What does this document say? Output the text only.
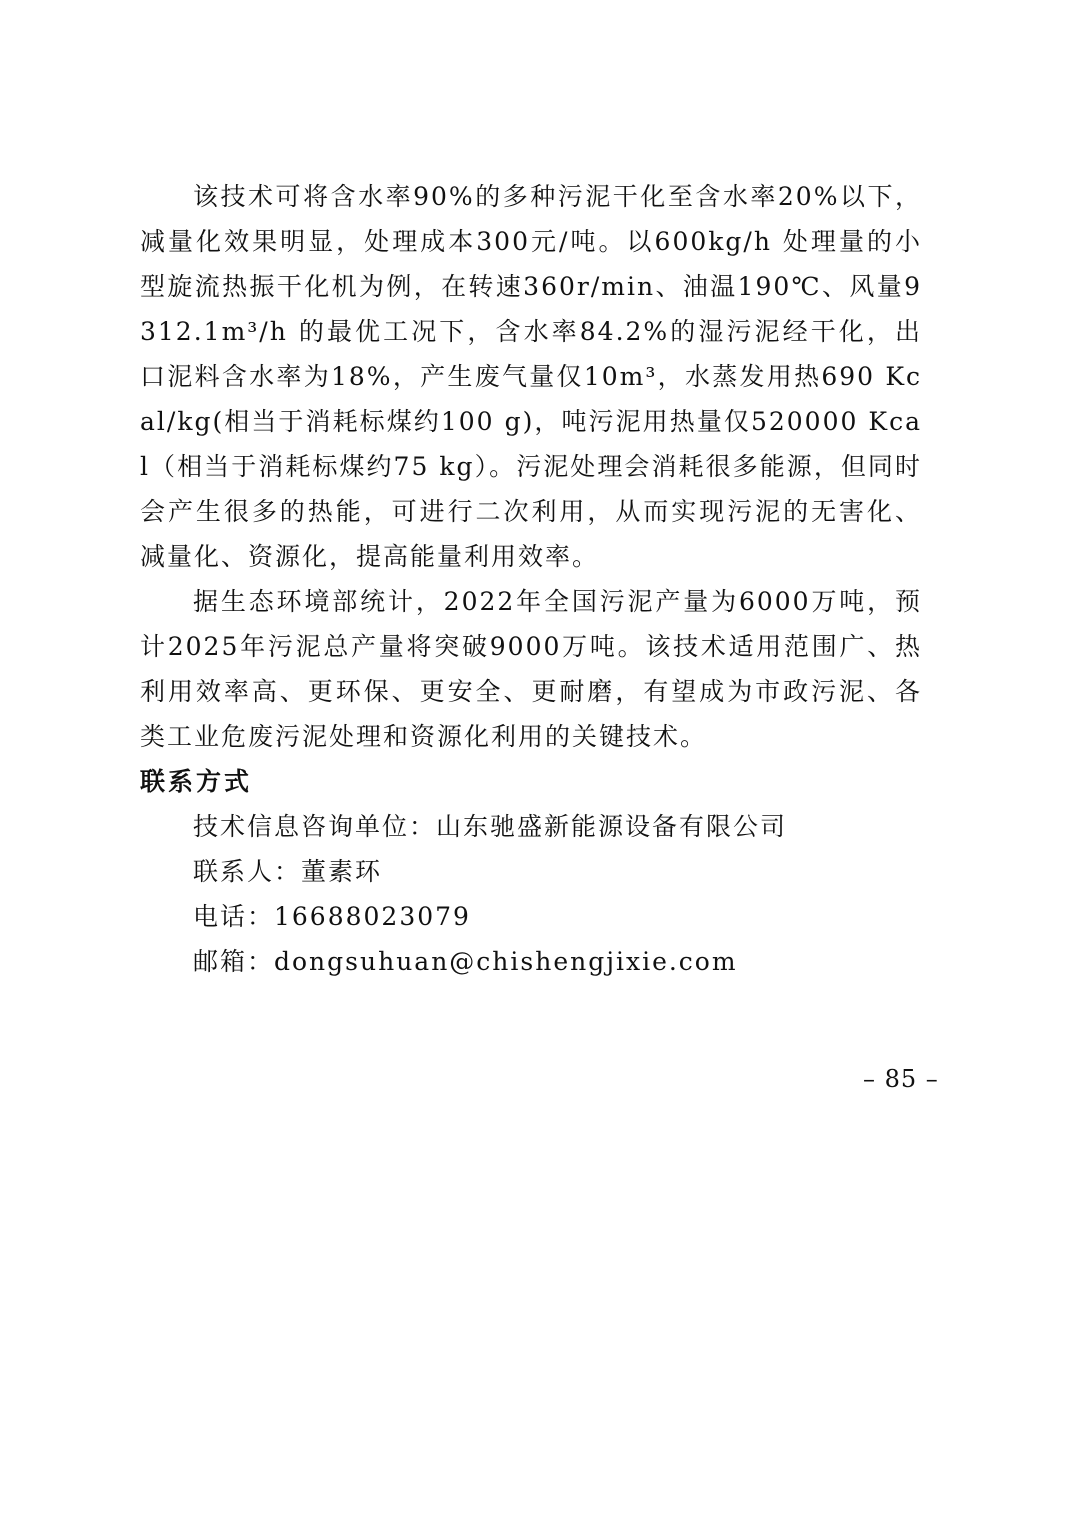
该技术可将含水率90%的多种污泥干化至含水率20%以下，减量化效果明显，处理成本300元/吨。以600kg/h 处理量的小型旋流热振干化机为例，在转速360r/min、油温190℃、风量9312.1m³/h 的最优工况下，含水率84.2%的湿污泥经干化，出口泥料含水率为18%，产生废气量仅10m³，水蒸发用热690 Kcal/kg(相当于消耗标煤约100 g)，吨污泥用热量仅520000 Kcal（相当于消耗标煤约75 kg）。污泥处理会消耗很多能源，但同时会产生很多的热能，可进行二次利用，从而实现污泥的无害化、减量化、资源化，提高能量利用效率。

据生态环境部统计，2022年全国污泥产量为6000万吨，预计2025年污泥总产量将突破9000万吨。该技术适用范围广、热利用效率高、更环保、更安全、更耐磨，有望成为市政污泥、各类工业危废污泥处理和资源化利用的关键技术。

联系方式

技术信息咨询单位：山东驰盛新能源设备有限公司

联系人：董素环

电话：16688023079

邮箱：dongsuhuan@chishengjixie.com

– 85 –
